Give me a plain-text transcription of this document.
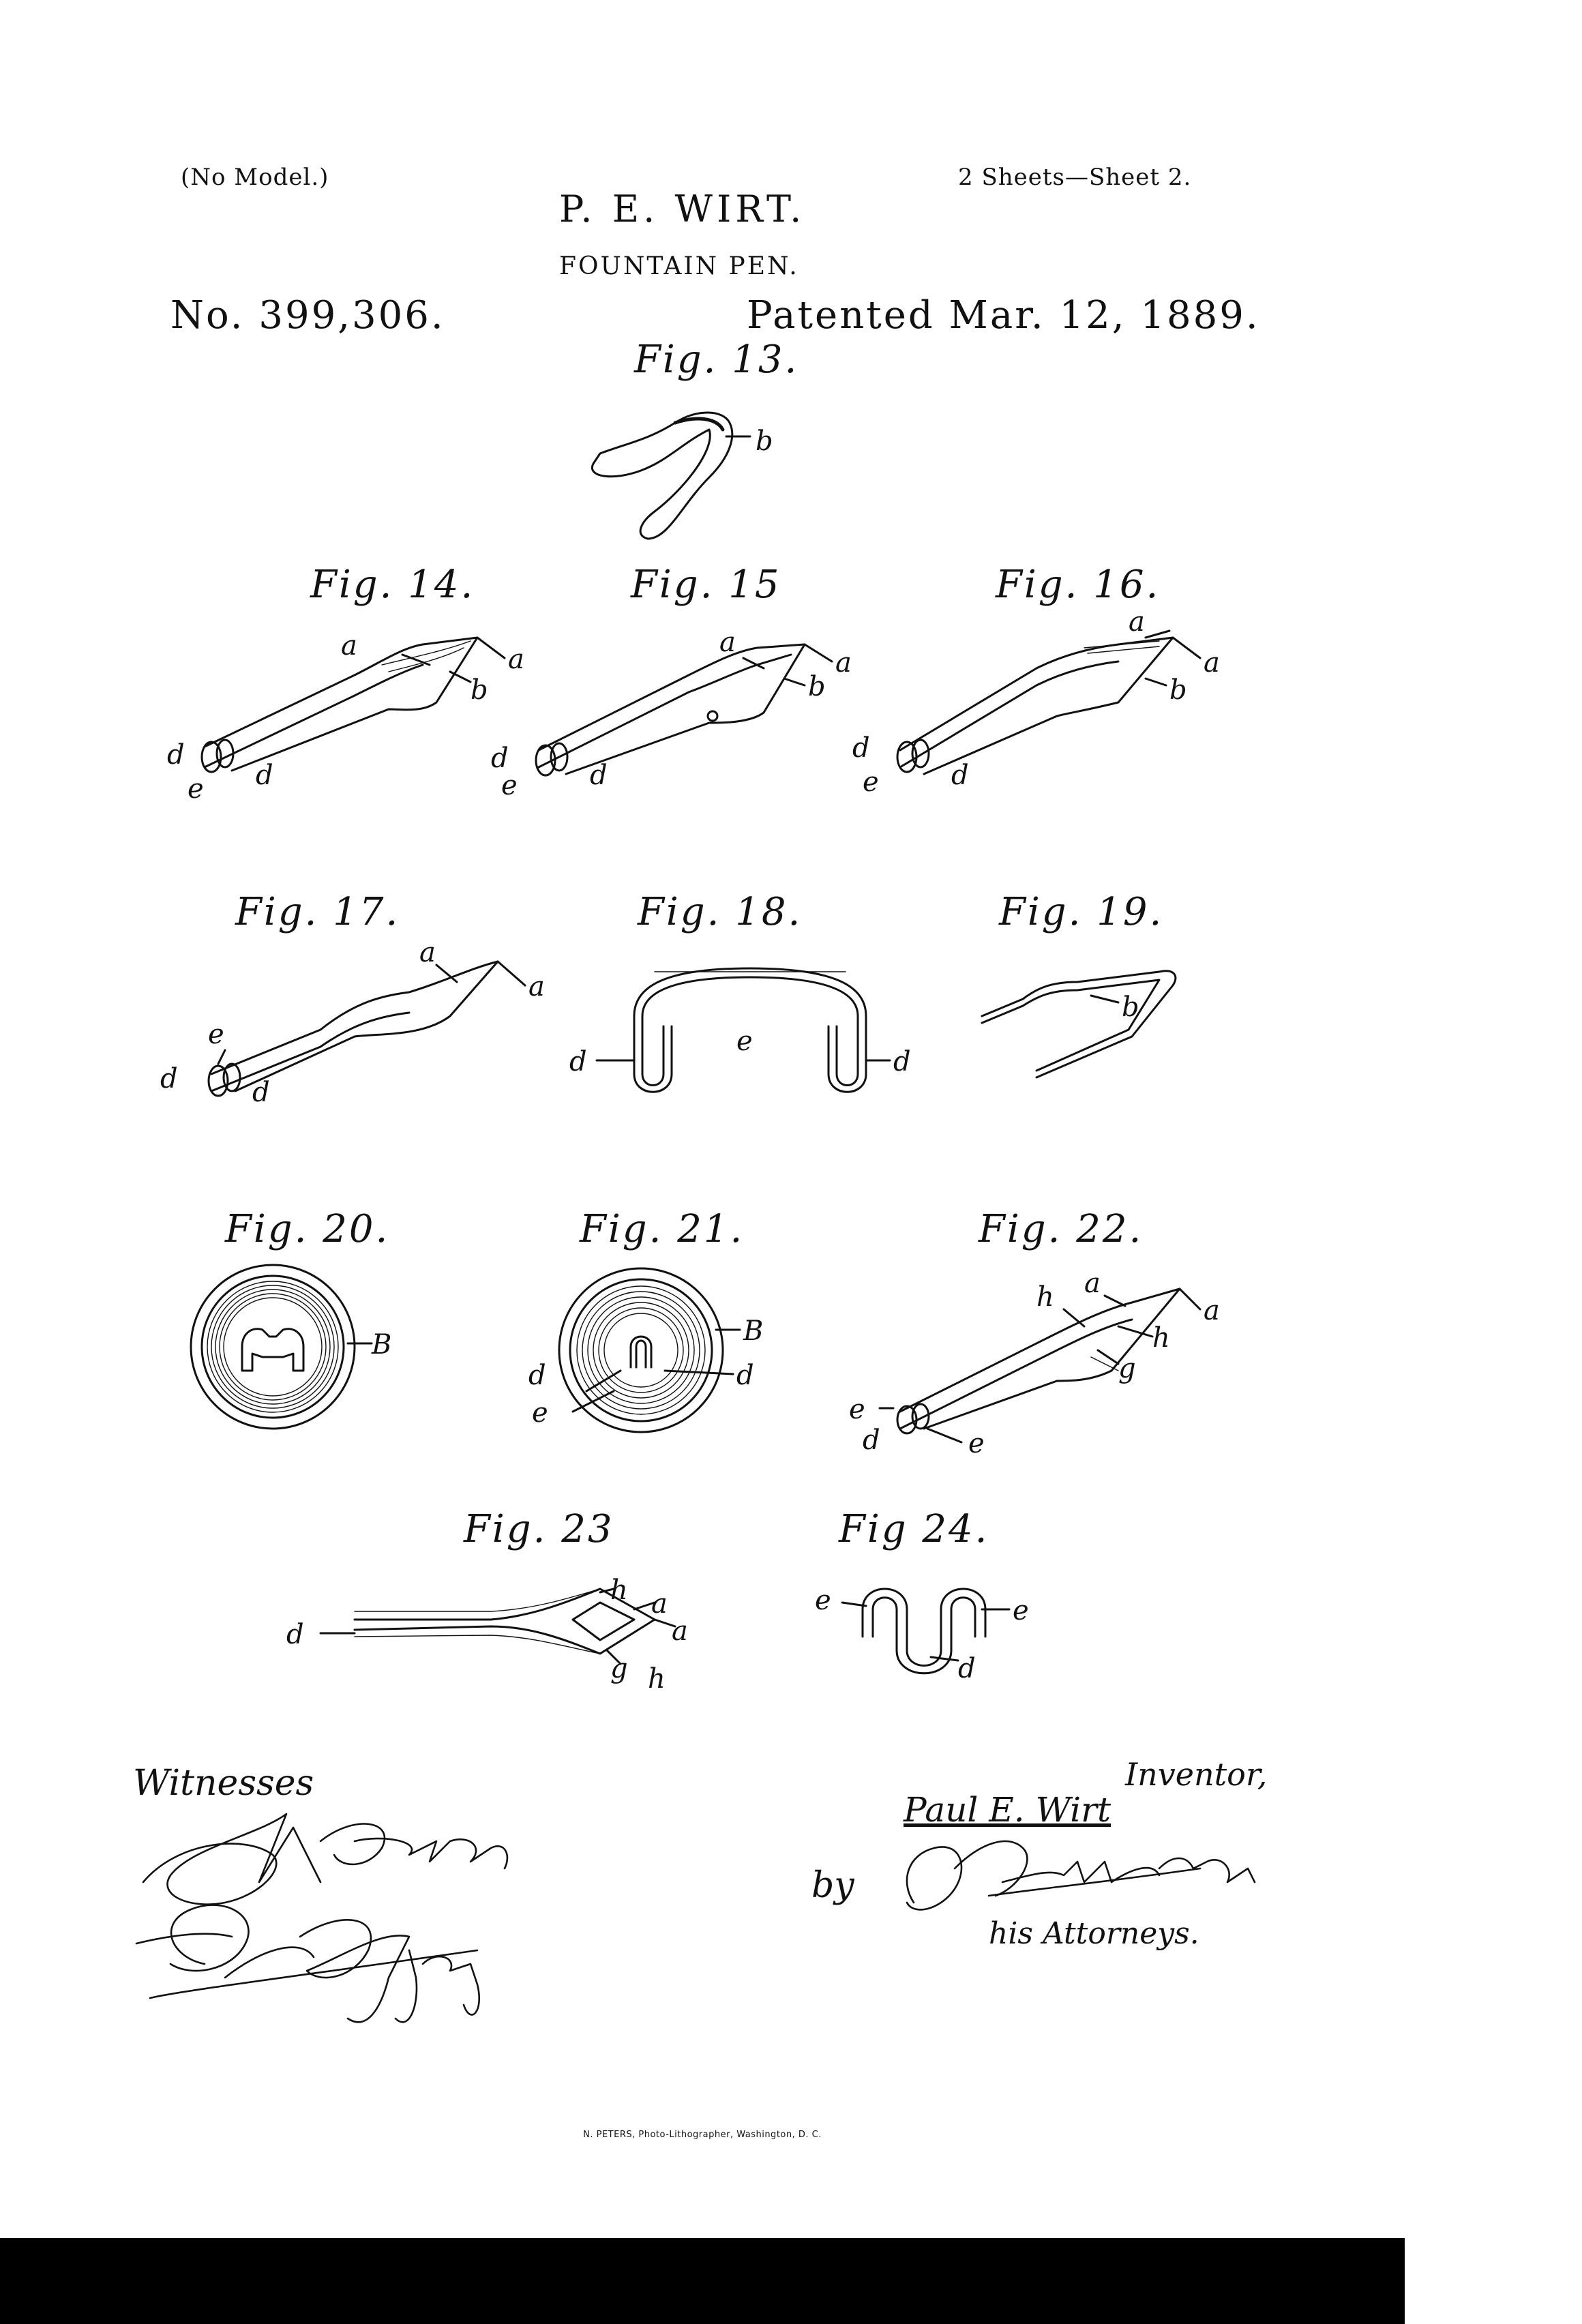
(No Model.)	2 Sheets—Sheet 2.
P. E. WIRT.
FOUNTAIN PEN.
No. 399,306.	Patented Mar. 12, 1889.
Fig. 13.
Fig. 14.	Fig. 15	Fig. 16.
Fig. 17.	Fig. 18.	Fig. 19.
Fig. 20.	Fig. 21.	Fig. 22.
Fig. 23	Fig 24.
b
a	a
b
d
d
e
a
a
b
d
d
e
a
a
b
d
d
e
a
a
e
d	d
d
e
d
b
B	B
d	d
e
h a
a
h
g
e
d	e
d
h a
a
g h
e	e
d
Witnesses	Inventor,
Paul E. Wirt
by
his Attorneys.
N. PETERS, Photo-Lithographer, Washington, D. C.
